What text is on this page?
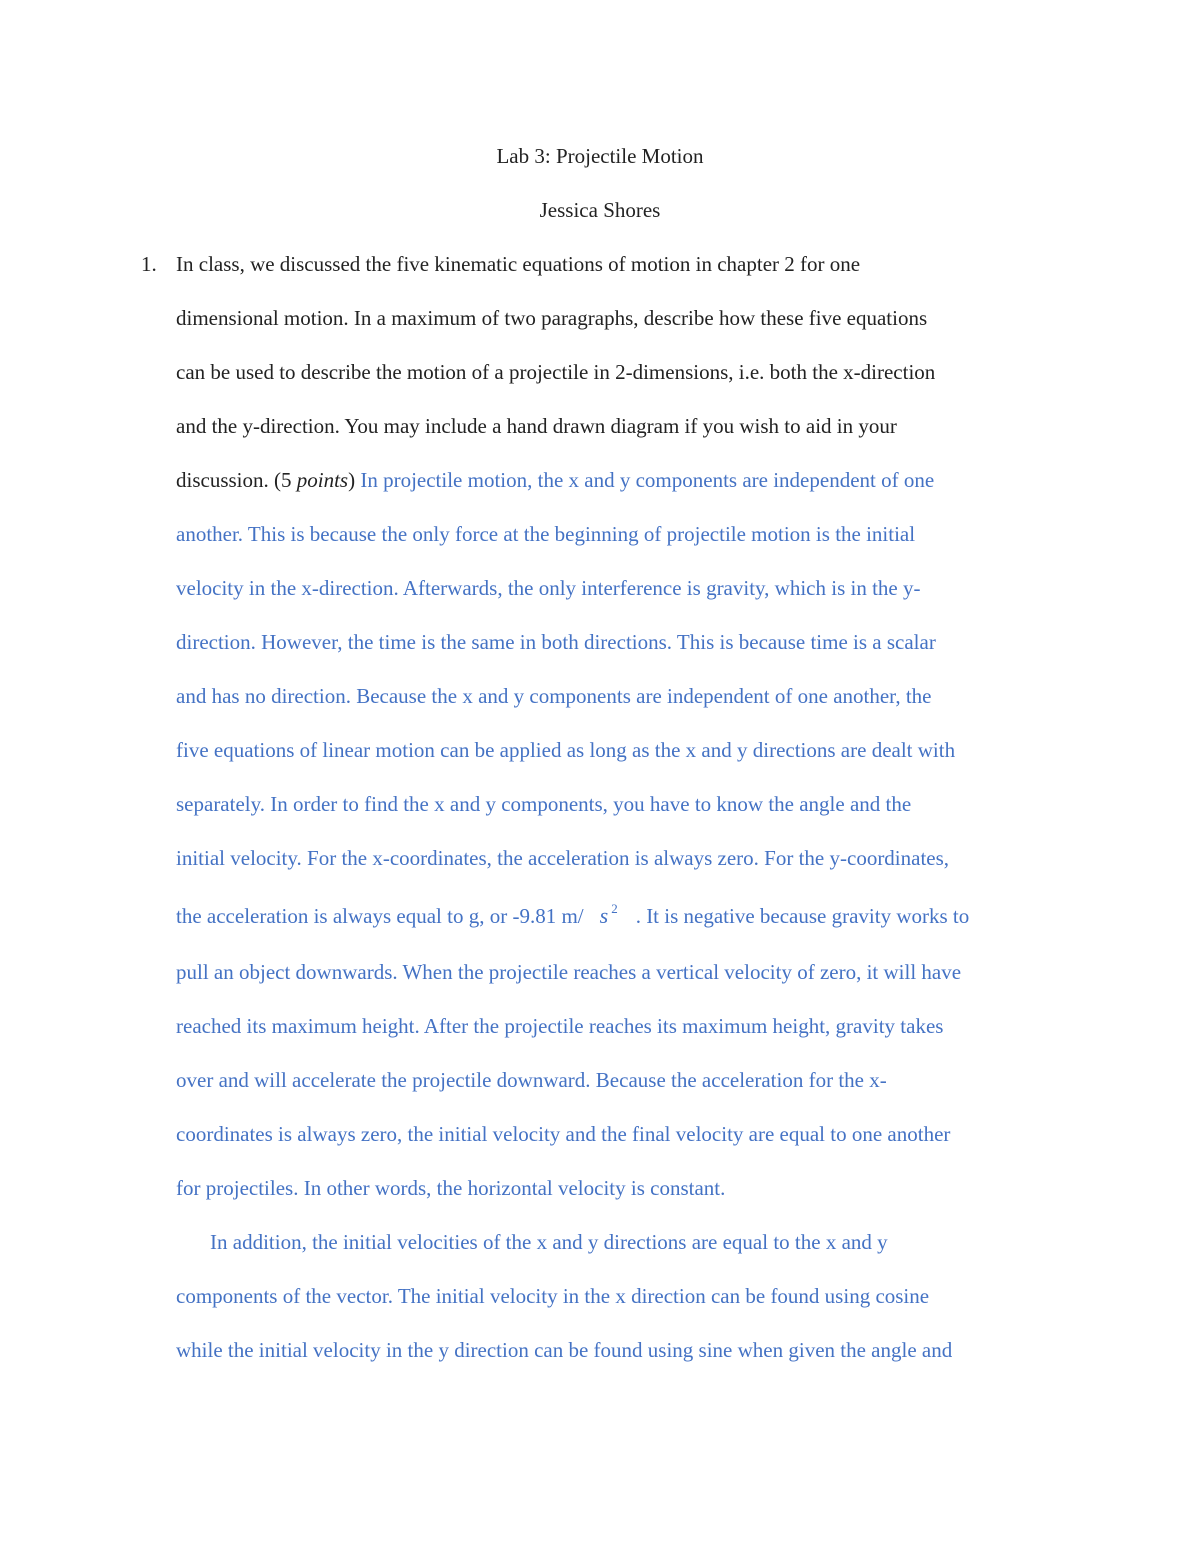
Lab 3: Projectile Motion
Jessica Shores
1. In class, we discussed the five kinematic equations of motion in chapter 2 for one
dimensional motion. In a maximum of two paragraphs, describe how these five equations
can be used to describe the motion of a projectile in 2-dimensions, i.e. both the x-direction
and the y-direction. You may include a hand drawn diagram if you wish to aid in your
discussion. (5 points) In projectile motion, the x and y components are independent of one
another. This is because the only force at the beginning of projectile motion is the initial
velocity in the x-direction. Afterwards, the only interference is gravity, which is in the y-
direction. However, the time is the same in both directions. This is because time is a scalar
and has no direction. Because the x and y components are independent of one another, the
five equations of linear motion can be applied as long as the x and y directions are dealt with
separately. In order to find the x and y components, you have to know the angle and the
initial velocity. For the x-coordinates, the acceleration is always zero. For the y-coordinates,
the acceleration is always equal to g, or -9.81 m/ s $^2$ . It is negative because gravity works to
pull an object downwards. When the projectile reaches a vertical velocity of zero, it will have
reached its maximum height. After the projectile reaches its maximum height, gravity takes
over and will accelerate the projectile downward. Because the acceleration for the x-
coordinates is always zero, the initial velocity and the final velocity are equal to one another
for projectiles. In other words, the horizontal velocity is constant.
In addition, the initial velocities of the x and y directions are equal to the x and y
components of the vector. The initial velocity in the x direction can be found using cosine
while the initial velocity in the y direction can be found using sine when given the angle and
